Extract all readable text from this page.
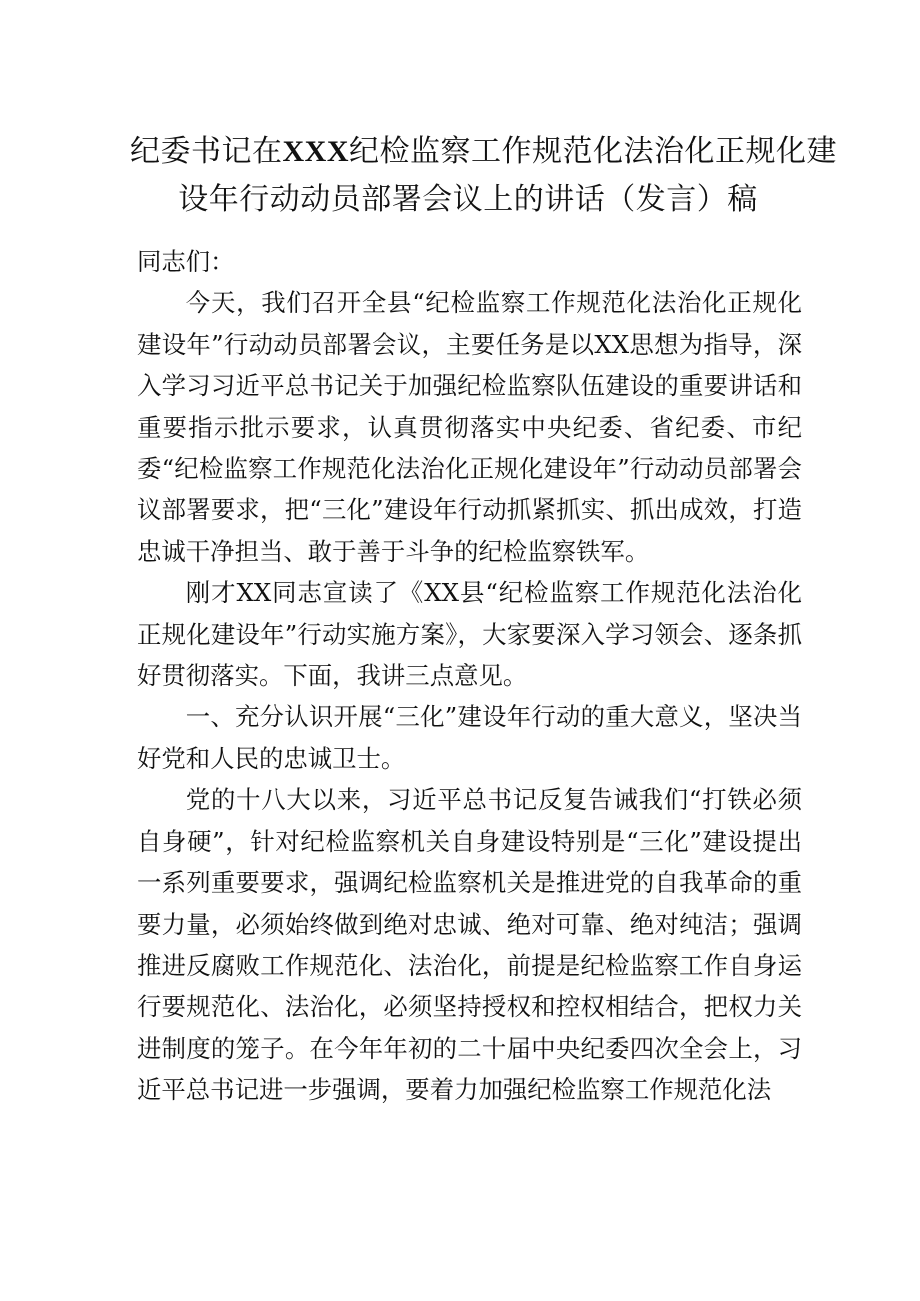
纪委书记在XXX纪检监察工作规范化法治化正规化建
设年行动动员部署会议上的讲话（发言）稿

同志们：

今天，我们召开全县“纪检监察工作规范化法治化正规化建设年”行动动员部署会议，主要任务是以XX思想为指导，深入学习习近平总书记关于加强纪检监察队伍建设的重要讲话和重要指示批示要求，认真贯彻落实中央纪委、省纪委、市纪委“纪检监察工作规范化法治化正规化建设年”行动动员部署会议部署要求，把“三化”建设年行动抓紧抓实、抓出成效，打造忠诚干净担当、敢于善于斗争的纪检监察铁军。

刚才XX同志宣读了《XX县“纪检监察工作规范化法治化正规化建设年”行动实施方案》，大家要深入学习领会、逐条抓好贯彻落实。下面，我讲三点意见。

一、充分认识开展“三化”建设年行动的重大意义，坚决当好党和人民的忠诚卫士。

党的十八大以来，习近平总书记反复告诫我们“打铁必须自身硬”，针对纪检监察机关自身建设特别是“三化”建设提出一系列重要要求，强调纪检监察机关是推进党的自我革命的重要力量，必须始终做到绝对忠诚、绝对可靠、绝对纯洁；强调推进反腐败工作规范化、法治化，前提是纪检监察工作自身运行要规范化、法治化，必须坚持授权和控权相结合，把权力关进制度的笼子。在今年年初的二十届中央纪委四次全会上，习近平总书记进一步强调，要着力加强纪检监察工作规范化法
